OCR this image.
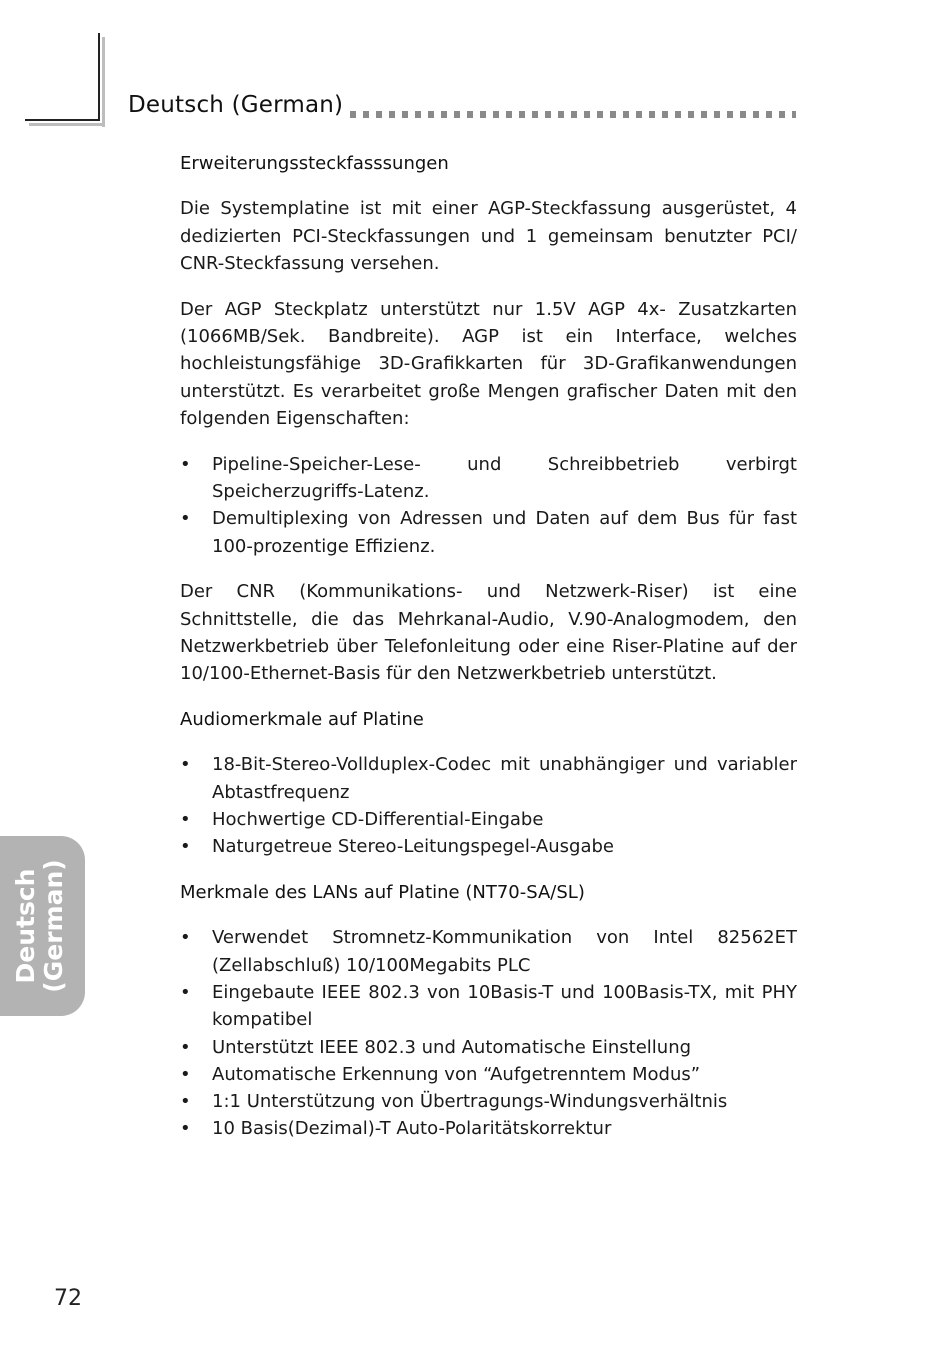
Deutsch (German)
Erweiterungssteckfasssungen

Die Systemplatine ist mit einer AGP-Steckfassung ausgerüstet, 4 dedizierten PCI-Steckfassungen und 1 gemeinsam benutzter PCI/ CNR-Steckfassung versehen.

Der AGP Steckplatz unterstützt nur 1.5V AGP 4x- Zusatzkarten (1066MB/Sek. Bandbreite). AGP ist ein Interface, welches hochleistungsfähige 3D-Grafikkarten für 3D-Grafikanwendungen unterstützt. Es verarbeitet große Mengen grafischer Daten mit den folgenden Eigenschaften:

• Pipeline-Speicher-Lese- und Schreibbetrieb verbirgt Speicherzugriffs-Latenz.
• Demultiplexing von Adressen und Daten auf dem Bus für fast 100-prozentige Effizienz.

Der CNR (Kommunikations- und Netzwerk-Riser) ist eine Schnittstelle, die das Mehrkanal-Audio, V.90-Analogmodem, den Netzwerkbetrieb über Telefonleitung oder eine Riser-Platine auf der 10/100-Ethernet-Basis für den Netzwerkbetrieb unterstützt.

Audiomerkmale auf Platine
• 18-Bit-Stereo-Vollduplex-Codec mit unabhängiger und variabler Abtastfrequenz
• Hochwertige CD-Differential-Eingabe
• Naturgetreue Stereo-Leitungspegel-Ausgabe
Merkmale des LANs auf Platine (NT70-SA/SL)
• Verwendet Stromnetz-Kommunikation von Intel 82562ET (Zellabschluß) 10/100Megabits PLC
• Eingebaute IEEE 802.3 von 10Basis-T und 100Basis-TX, mit PHY kompatibel
• Unterstützt IEEE 802.3 und Automatische Einstellung
• Automatische Erkennung von “Aufgetrenntem Modus”
• 1:1 Unterstützung von Übertragungs-Windungsverhältnis
• 10 Basis(Dezimal)-T Auto-Polaritätskorrektur
Deutsch (German)
72
